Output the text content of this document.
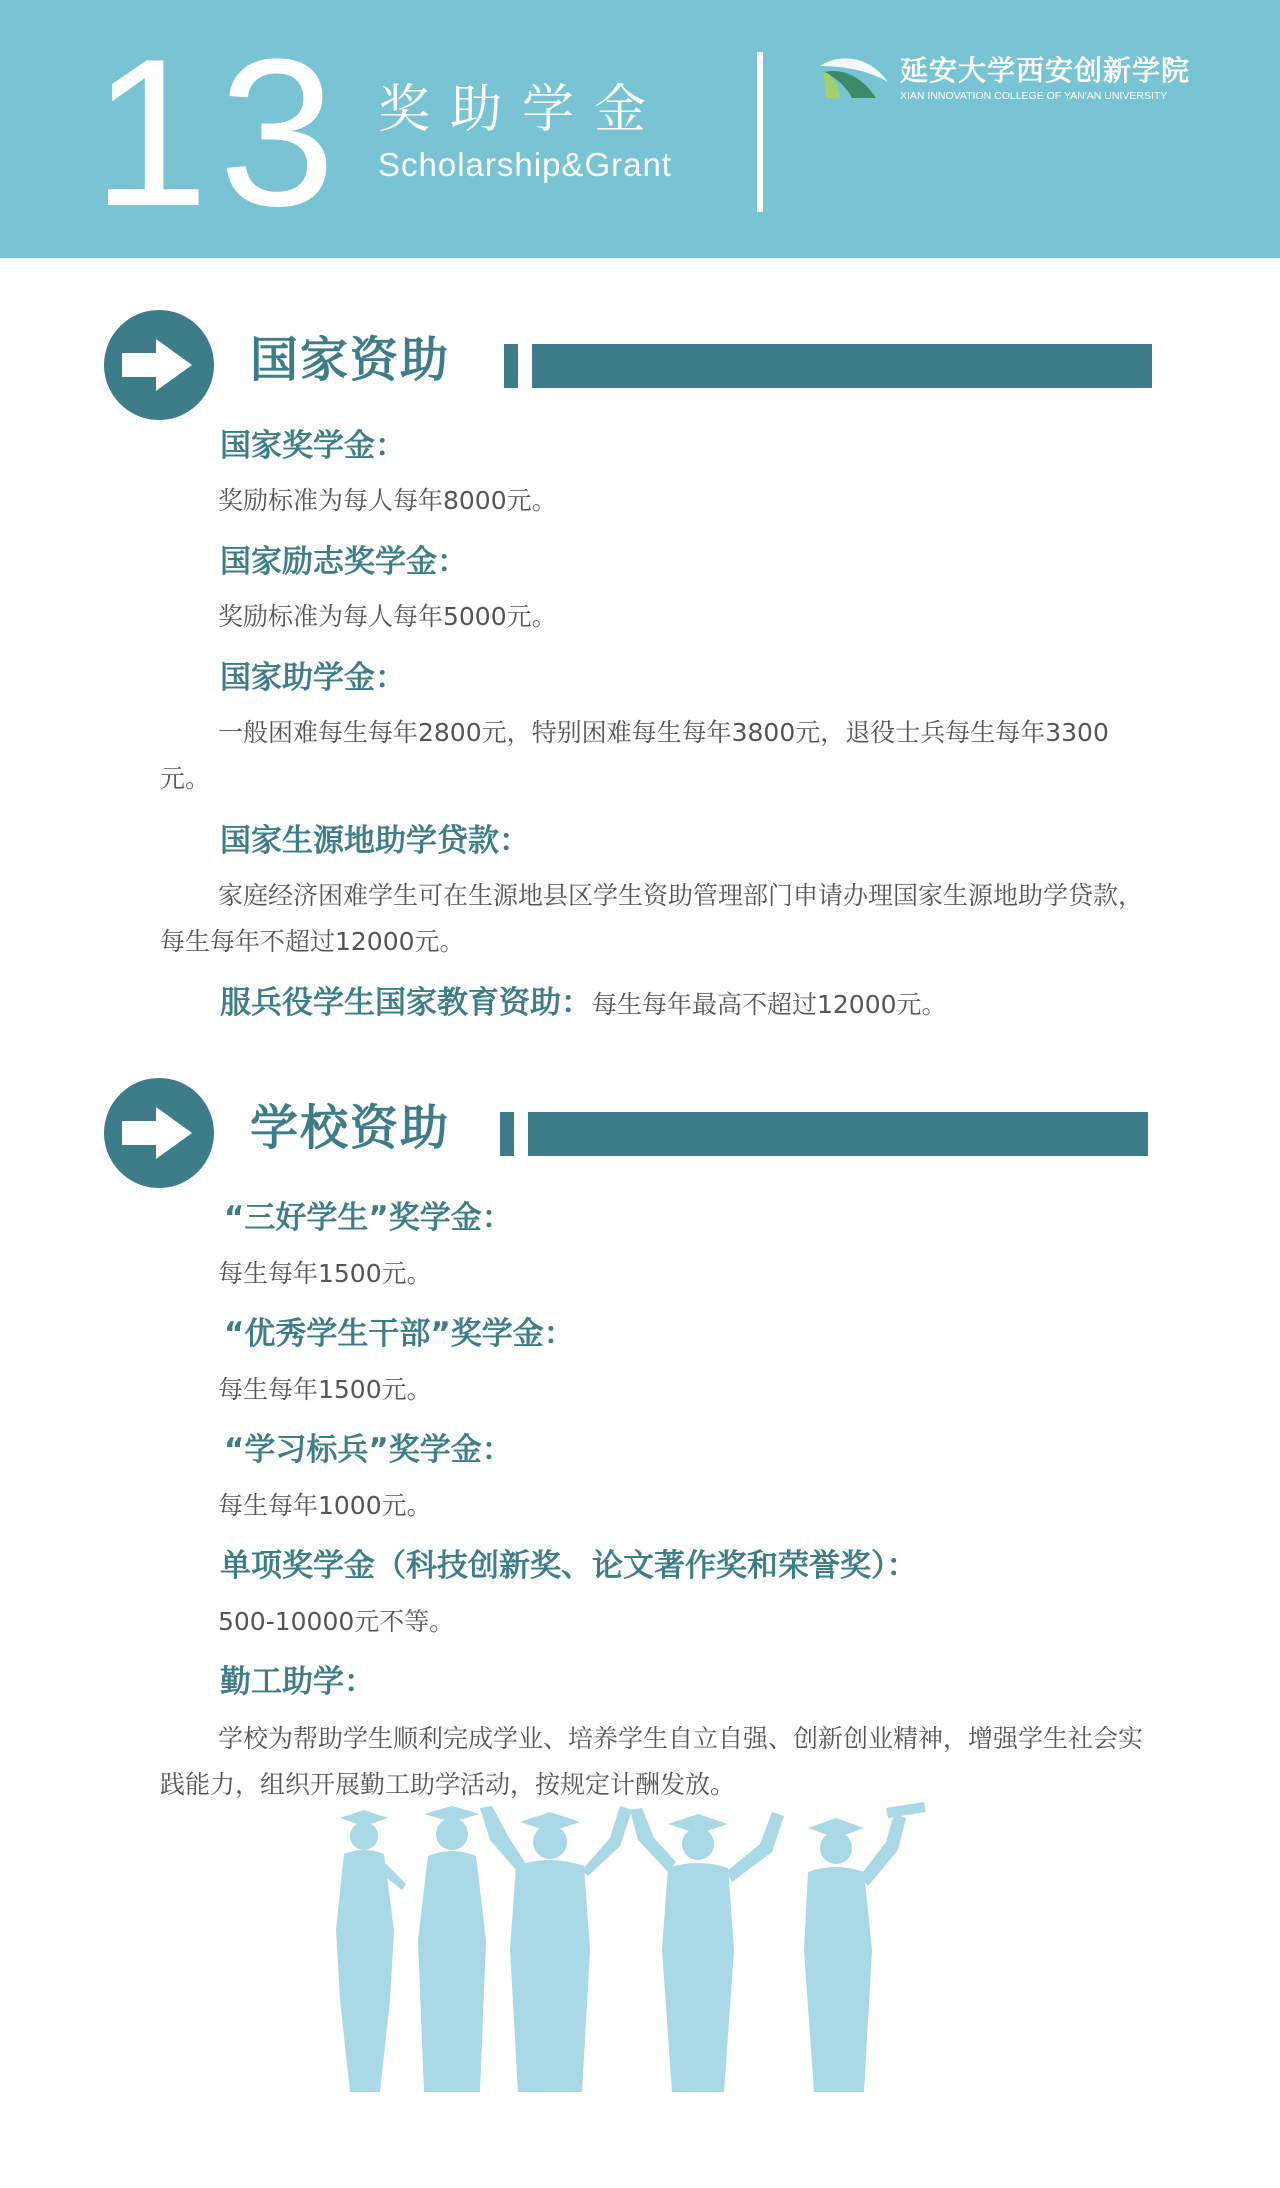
13 奖助学金
Scholarship&Grant
延安大学西安创新学院
XIAN INNOVATION COLLEGE OF YAN'AN UNIVERSITY
国家资助
国家奖学金：
奖励标准为每人每年8000元。
国家励志奖学金：
奖励标准为每人每年5000元。
国家助学金：
一般困难每生每年2800元，特别困难每生每年3800元，退役士兵每生每年3300元。
国家生源地助学贷款：
家庭经济困难学生可在生源地县区学生资助管理部门申请办理国家生源地助学贷款，每生每年不超过12000元。
服兵役学生国家教育资助：每生每年最高不超过12000元。
学校资助
“三好学生”奖学金：
每生每年1500元。
“优秀学生干部”奖学金：
每生每年1500元。
“学习标兵”奖学金：
每生每年1000元。
单项奖学金（科技创新奖、论文著作奖和荣誉奖）：
500-10000元不等。
勤工助学：
学校为帮助学生顺利完成学业、培养学生自立自强、创新创业精神，增强学生社会实践能力，组织开展勤工助学活动，按规定计酬发放。
